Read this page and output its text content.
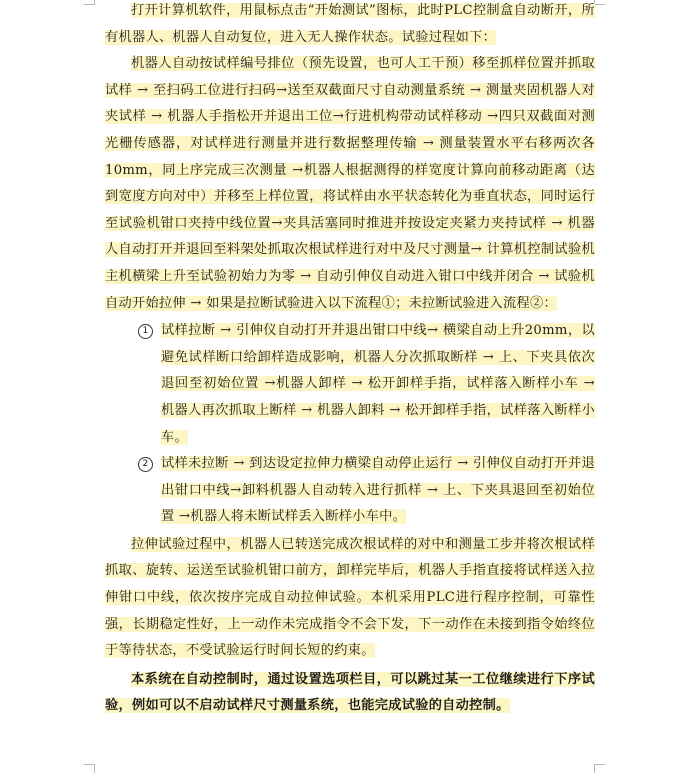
打开计算机软件，用鼠标点击“开始测试”图标，此时PLC控制盒自动断开，所有机器人、机器人自动复位，进入无人操作状态。试验过程如下：

机器人自动按试样编号排位（预先设置，也可人工干预）移至抓样位置并抓取试样 → 至扫码工位进行扫码→送至双截面尺寸自动测量系统 → 测量夹固机器人对夹试样 → 机器人手指松开并退出工位→行进机构带动试样移动 →四只双截面对测光栅传感器，对试样进行测量并进行数据整理传输 → 测量装置水平右移两次各10mm，同上序完成三次测量 →机器人根据测得的样宽度计算向前移动距离（达到宽度方向对中）并移至上样位置，将试样由水平状态转化为垂直状态，同时运行至试验机钳口夹持中线位置→夹具活塞同时推进并按设定夹紧力夹持试样 → 机器人自动打开并退回至料架处抓取次根试样进行对中及尺寸测量→ 计算机控制试验机主机横梁上升至试验初始力为零 → 自动引伸仪自动进入钳口中线并闭合 → 试验机自动开始拉伸 → 如果是拉断试验进入以下流程①；未拉断试验进入流程②：

1 试样拉断 → 引伸仪自动打开并退出钳口中线→ 横梁自动上升20mm，以避免试样断口给卸样造成影响，机器人分次抓取断样 → 上、下夹具依次退回至初始位置 →机器人卸样 → 松开卸样手指，试样落入断样小车 → 机器人再次抓取上断样 → 机器人卸料 → 松开卸样手指，试样落入断样小车。

2 试样未拉断 → 到达设定拉伸力横梁自动停止运行 → 引伸仪自动打开并退出钳口中线→卸料机器人自动转入进行抓样 → 上、下夹具退回至初始位置 →机器人将未断试样丢入断样小车中。

拉伸试验过程中，机器人已转送完成次根试样的对中和测量工步并将次根试样抓取、旋转、运送至试验机钳口前方，卸样完毕后，机器人手指直接将试样送入拉伸钳口中线，依次按序完成自动拉伸试验。本机采用PLC进行程序控制，可靠性强，长期稳定性好，上一动作未完成指令不会下发，下一动作在未接到指令始终位于等待状态，不受试验运行时间长短的约束。

本系统在自动控制时，通过设置选项栏目，可以跳过某一工位继续进行下序试验，例如可以不启动试样尺寸测量系统，也能完成试验的自动控制。
